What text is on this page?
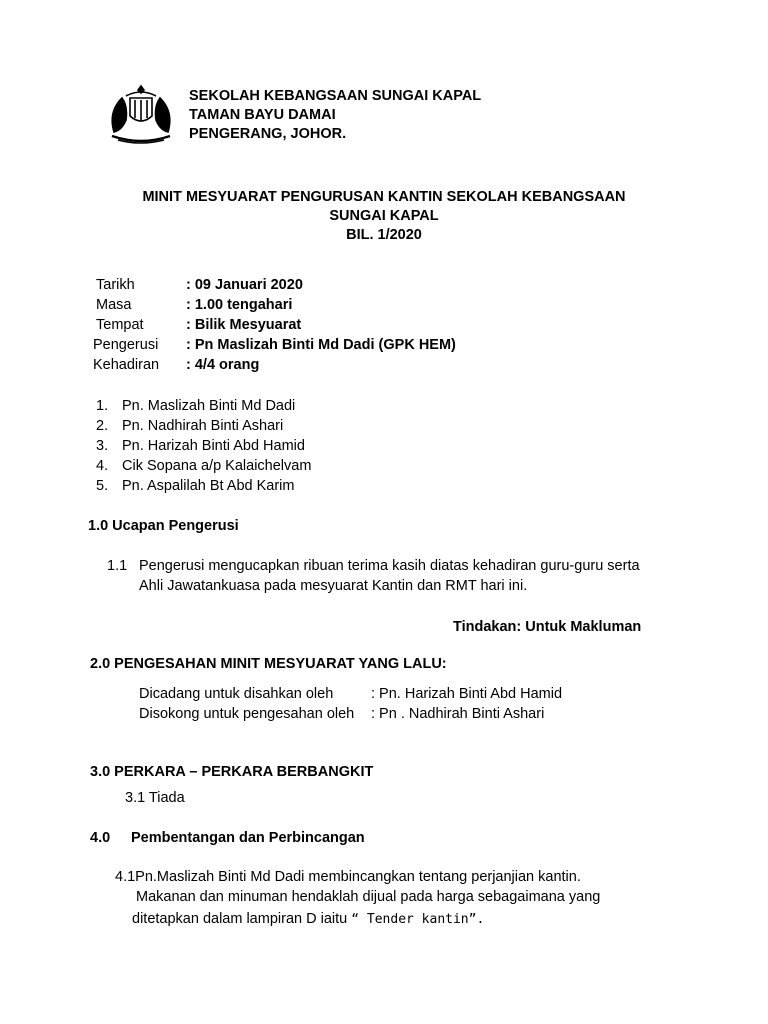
SEKOLAH KEBANGSAAN SUNGAI KAPAL
TAMAN BAYU DAMAI
PENGERANG, JOHOR.
MINIT MESYUARAT PENGURUSAN KANTIN SEKOLAH KEBANGSAAN
SUNGAI KAPAL
BIL. 1/2020
Tarikh	: 09 Januari 2020
Masa	: 1.00 tengahari
Tempat	: Bilik Mesyuarat
Pengerusi : Pn Maslizah Binti Md Dadi (GPK HEM)
Kehadiran : 4/4 orang
1. Pn. Maslizah Binti Md Dadi
2. Pn. Nadhirah Binti Ashari
3. Pn. Harizah Binti Abd Hamid
4. Cik Sopana a/p Kalaichelvam
5. Pn. Aspalilah Bt Abd Karim
1.0 Ucapan Pengerusi
1.1 Pengerusi mengucapkan ribuan terima kasih diatas kehadiran guru-guru serta
Ahli Jawatankuasa pada mesyuarat Kantin dan RMT hari ini.
Tindakan: Untuk Makluman
2.0 PENGESAHAN MINIT MESYUARAT YANG LALU:
Dicadang untuk disahkan oleh	: Pn. Harizah Binti Abd Hamid
Disokong untuk pengesahan oleh : Pn . Nadhirah Binti Ashari
3.0 PERKARA – PERKARA BERBANGKIT
3.1 Tiada
4.0 Pembentangan dan Perbincangan
4.1Pn.Maslizah Binti Md Dadi membincangkan tentang perjanjian kantin.
Makanan dan minuman hendaklah dijual pada harga sebagaimana yang
ditetapkan dalam lampiran D iaitu “ Tender kantin”.
